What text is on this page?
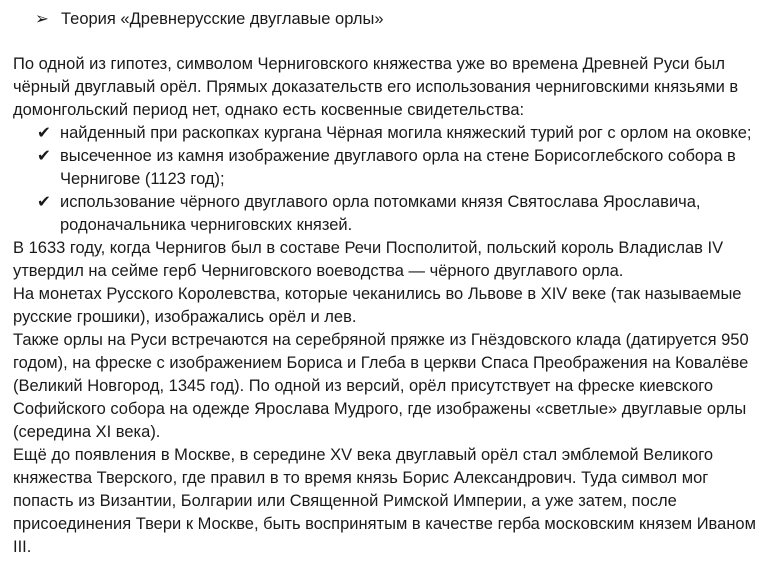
➢ Теория «Древнерусские двуглавые орлы»

По одной из гипотез, символом Черниговского княжества уже во времена Древней Руси был чёрный двуглавый орёл. Прямых доказательств его использования черниговскими князьями в домонгольский период нет, однако есть косвенные свидетельства:

✔ найденный при раскопках кургана Чёрная могила княжеский турий рог с орлом на оковке;
✔ высеченное из камня изображение двуглавого орла на стене Борисоглебского собора в Чернигове (1123 год);
✔ использование чёрного двуглавого орла потомками князя Святослава Ярославича, родоначальника черниговских князей.

В 1633 году, когда Чернигов был в составе Речи Посполитой, польский король Владислав IV утвердил на сейме герб Черниговского воеводства — чёрного двуглавого орла.

На монетах Русского Королевства, которые чеканились во Львове в XIV веке (так называемые русские грошики), изображались орёл и лев.

Также орлы на Руси встречаются на серебряной пряжке из Гнёздовского клада (датируется 950 годом), на фреске с изображением Бориса и Глеба в церкви Спаса Преображения на Ковалёве (Великий Новгород, 1345 год). По одной из версий, орёл присутствует на фреске киевского Софийского собора на одежде Ярослава Мудрого, где изображены «светлые» двуглавые орлы (середина XI века).

Ещё до появления в Москве, в середине XV века двуглавый орёл стал эмблемой Великого княжества Тверского, где правил в то время князь Борис Александрович. Туда символ мог попасть из Византии, Болгарии или Священной Римской Империи, а уже затем, после присоединения Твери к Москве, быть воспринятым в качестве герба московским князем Иваном III.
